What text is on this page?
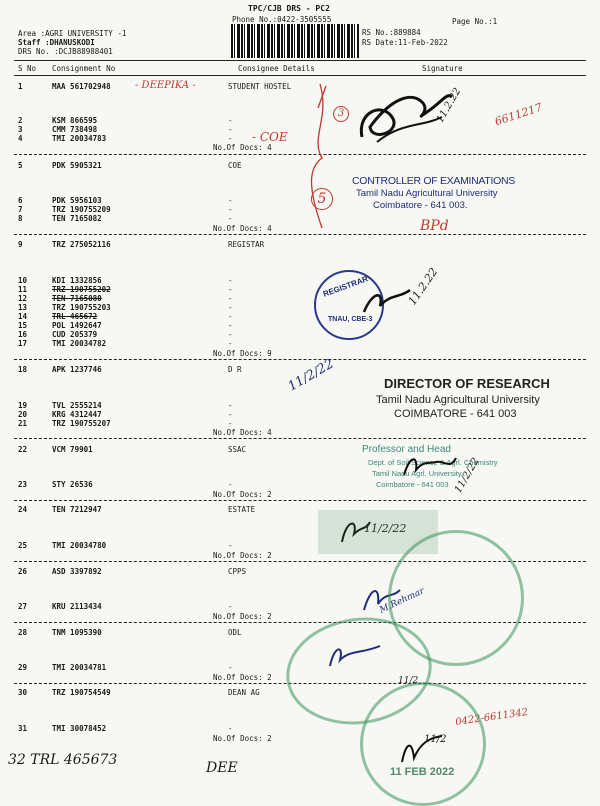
TPC/CJB DRS - PC2
Phone No.:0422-3505555
RS No.:889884
Page No.:1
Area :AGRI UNIVERSITY -1
Staff :DHANUSKODI
DRS No. :DCJB88988401
RS Date:11-Feb-2022
S No Consignment No	Consignee Details	Signature
1	MAA 561702948	STUDENT HOSTEL
2	KSM 866595	-
3	CMM 738498	-
4	TMI 20034783	-
No.Of Docs: 4
5	PDK 5905321	COE
6	PDK 5956103	-
7	TRZ 190755209	-
8	TEN 7165082	-
No.Of Docs: 4
9	TRZ 275052116	REGISTAR
10	KDI 1332856	-
11	TRZ 190755202	-
12	TEN 7165080	-
13	TRZ 190755203	-
14	TRL 465672	-
15	POL 1492647	-
16	CUD 205379	-
17	TMI 20034782	-
No.Of Docs: 9
18	APK 1237746	D R
19	TVL 2555214	-
20	KRG 4312447	-
21	TRZ 190755207	-
No.Of Docs: 4
22	VCM 79901	SSAC
23	STY 26536	-
No.Of Docs: 2
24	TEN 7212947	ESTATE
25	TMI 20034780	-
No.Of Docs: 2
26	ASD 3397892	CPPS
27	KRU 2113434	-
No.Of Docs: 2
28	TNM 1095390	ODL
29	TMI 20034781	-
No.Of Docs: 2
30	TRZ 190754549	DEAN AG
31	TMI 30078452	-
No.Of Docs: 2
- DEEPIKA -
- COE
3
5
BPd
6611217
0422-6611342
11.2.22
CONTROLLER OF EXAMINATIONS
Tamil Nadu Agricultural University
Coimbatore - 641 003.
REGISTRAR
TNAU, CBE-3
11.2.22
11/2/22	DIRECTOR OF RESEARCH
Tamil Nadu Agricultural University
COIMBATORE - 641 003
Professor and Head
Dept. of Soil Science & Agrl. Chemistry
Tamil Nadu Agrl. University
Coimbatore - 641 003 11/2/22
11/2/22
M.Rehmar
11/2
11 FEB 2022
11/2
32 TRL 465673	DEE
